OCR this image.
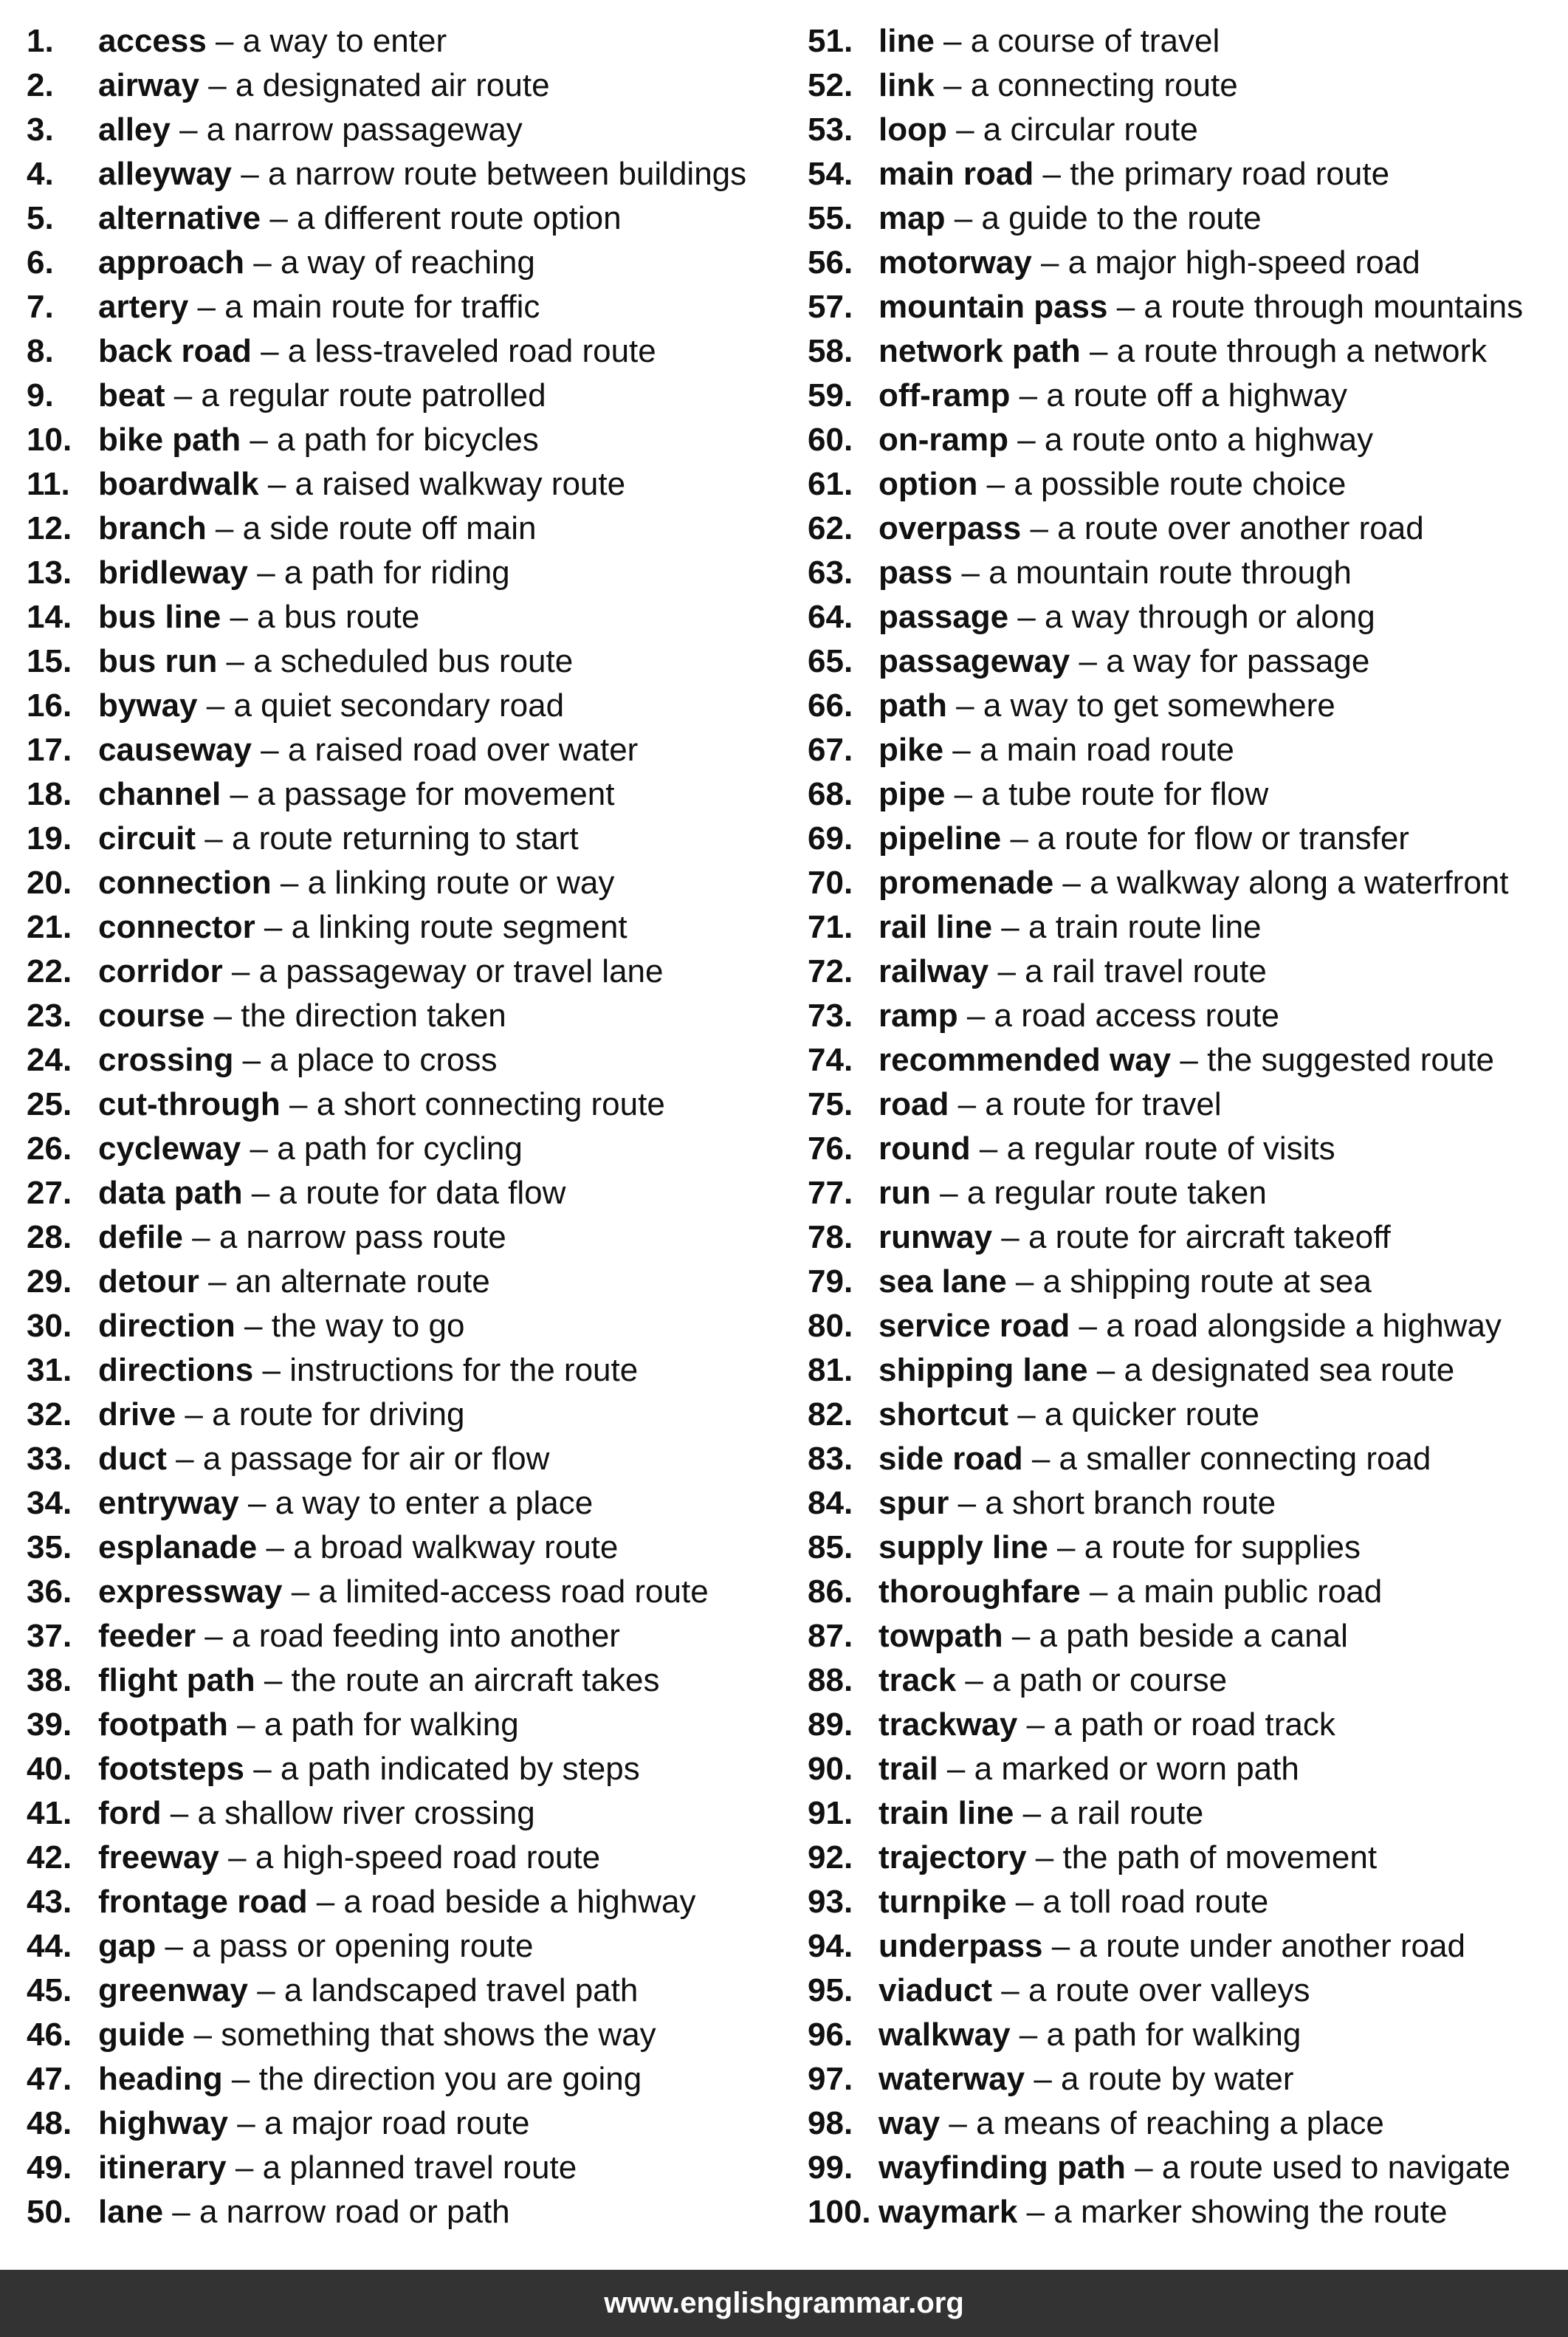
1.	access – a way to enter
2.	airway – a designated air route
3.	alley – a narrow passageway
4.	alleyway – a narrow route between buildings
5.	alternative – a different route option
6.	approach – a way of reaching
7.	artery – a main route for traffic
8.	back road – a less-traveled road route
9.	beat – a regular route patrolled
10. bike path – a path for bicycles
11. boardwalk – a raised walkway route
12. branch – a side route off main
13. bridleway – a path for riding
14. bus line – a bus route
15. bus run – a scheduled bus route
16. byway – a quiet secondary road
17. causeway – a raised road over water
18. channel – a passage for movement
19. circuit – a route returning to start
20. connection – a linking route or way
21. connector – a linking route segment
22. corridor – a passageway or travel lane
23. course – the direction taken
24. crossing – a place to cross
25. cut-through – a short connecting route
26. cycleway – a path for cycling
27. data path – a route for data flow
28. defile – a narrow pass route
29. detour – an alternate route
30. direction – the way to go
31. directions – instructions for the route
32. drive – a route for driving
33. duct – a passage for air or flow
34. entryway – a way to enter a place
35. esplanade – a broad walkway route
36. expressway – a limited-access road route
37. feeder – a road feeding into another
38. flight path – the route an aircraft takes
39. footpath – a path for walking
40. footsteps – a path indicated by steps
41. ford – a shallow river crossing
42. freeway – a high-speed road route
43. frontage road – a road beside a highway
44. gap – a pass or opening route
45. greenway – a landscaped travel path
46. guide – something that shows the way
47. heading – the direction you are going
48. highway – a major road route
49. itinerary – a planned travel route
50. lane – a narrow road or path
51. line – a course of travel
52. link – a connecting route
53. loop – a circular route
54. main road – the primary road route
55. map – a guide to the route
56. motorway – a major high-speed road
57. mountain pass – a route through mountains
58. network path – a route through a network
59. off-ramp – a route off a highway
60. on-ramp – a route onto a highway
61. option – a possible route choice
62. overpass – a route over another road
63. pass – a mountain route through
64. passage – a way through or along
65. passageway – a way for passage
66. path – a way to get somewhere
67. pike – a main road route
68. pipe – a tube route for flow
69. pipeline – a route for flow or transfer
70. promenade – a walkway along a waterfront
71. rail line – a train route line
72. railway – a rail travel route
73. ramp – a road access route
74. recommended way – the suggested route
75. road – a route for travel
76. round – a regular route of visits
77. run – a regular route taken
78. runway – a route for aircraft takeoff
79. sea lane – a shipping route at sea
80. service road – a road alongside a highway
81. shipping lane – a designated sea route
82. shortcut – a quicker route
83. side road – a smaller connecting road
84. spur – a short branch route
85. supply line – a route for supplies
86. thoroughfare – a main public road
87. towpath – a path beside a canal
88. track – a path or course
89. trackway – a path or road track
90. trail – a marked or worn path
91. train line – a rail route
92. trajectory – the path of movement
93. turnpike – a toll road route
94. underpass – a route under another road
95. viaduct – a route over valleys
96. walkway – a path for walking
97. waterway – a route by water
98. way – a means of reaching a place
99. wayfinding path – a route used to navigate
100. waymark – a marker showing the route
www.englishgrammar.org
